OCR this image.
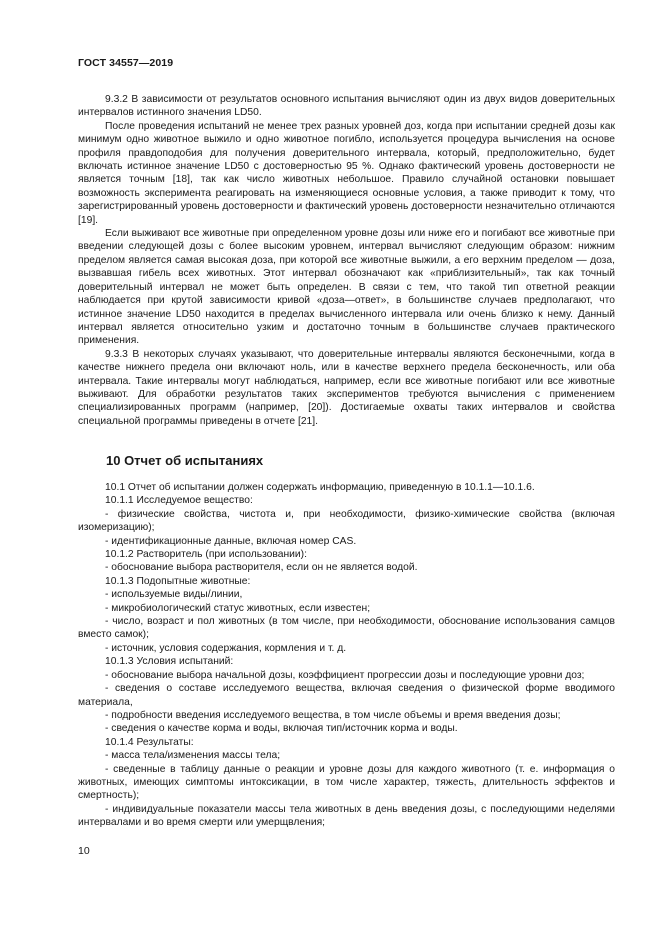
ГОСТ 34557—2019

9.3.2 В зависимости от результатов основного испытания вычисляют один из двух видов доверительных интервалов истинного значения LD50.

После проведения испытаний не менее трех разных уровней доз, когда при испытании средней дозы как минимум одно животное выжило и одно животное погибло, используется процедура вычисления на основе профиля правдоподобия для получения доверительного интервала, который, предположительно, будет включать истинное значение LD50 с достоверностью 95 %. Однако фактический уровень достоверности не является точным [18], так как число животных небольшое. Правило случайной остановки повышает возможность эксперимента реагировать на изменяющиеся основные условия, а также приводит к тому, что зарегистрированный уровень достоверности и фактический уровень достоверности незначительно отличаются [19].

Если выживают все животные при определенном уровне дозы или ниже его и погибают все животные при введении следующей дозы с более высоким уровнем, интервал вычисляют следующим образом: нижним пределом является самая высокая доза, при которой все животные выжили, а его верхним пределом — доза, вызвавшая гибель всех животных. Этот интервал обозначают как «приблизительный», так как точный доверительный интервал не может быть определен. В связи с тем, что такой тип ответной реакции наблюдается при крутой зависимости кривой «доза—ответ», в большинстве случаев предполагают, что истинное значение LD50 находится в пределах вычисленного интервала или очень близко к нему. Данный интервал является относительно узким и достаточно точным в большинстве случаев практического применения.

9.3.3 В некоторых случаях указывают, что доверительные интервалы являются бесконечными, когда в качестве нижнего предела они включают ноль, или в качестве верхнего предела бесконечность, или оба интервала. Такие интервалы могут наблюдаться, например, если все животные погибают или все животные выживают. Для обработки результатов таких экспериментов требуются вычисления с применением специализированных программ (например, [20]). Достигаемые охваты таких интервалов и свойства специальной программы приведены в отчете [21].

10 Отчет об испытаниях

10.1 Отчет об испытании должен содержать информацию, приведенную в 10.1.1—10.1.6.

10.1.1 Исследуемое вещество:

- физические свойства, чистота и, при необходимости, физико-химические свойства (включая изомеризацию);

- идентификационные данные, включая номер CAS.

10.1.2 Растворитель (при использовании):

- обоснование выбора растворителя, если он не является водой.

10.1.3 Подопытные животные:

- используемые виды/линии,

- микробиологический статус животных, если известен;

- число, возраст и пол животных (в том числе, при необходимости, обоснование использования самцов вместо самок);

- источник, условия содержания, кормления и т. д.

10.1.3 Условия испытаний:

- обоснование выбора начальной дозы, коэффициент прогрессии дозы и последующие уровни доз;

- сведения о составе исследуемого вещества, включая сведения о физической форме вводимого материала,

- подробности введения исследуемого вещества, в том числе объемы и время введения дозы;

- сведения о качестве корма и воды, включая тип/источник корма и воды.

10.1.4 Результаты:

- масса тела/изменения массы тела;

- сведенные в таблицу данные о реакции и уровне дозы для каждого животного (т. е. информация о животных, имеющих симптомы интоксикации, в том числе характер, тяжесть, длительность эффектов и смертность);

- индивидуальные показатели массы тела животных в день введения дозы, с последующими неделями интервалами и во время смерти или умерщвления;

10
